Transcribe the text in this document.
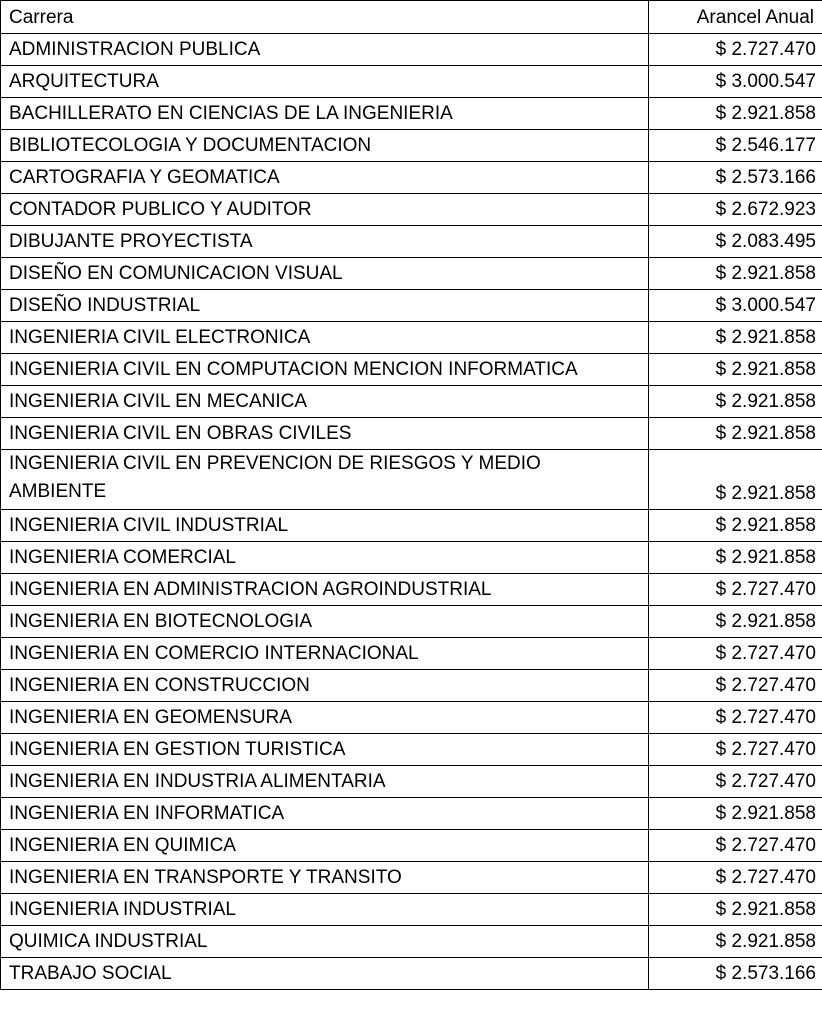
Carrera	Arancel Anual
ADMINISTRACION PUBLICA	$ 2.727.470
ARQUITECTURA	$ 3.000.547
BACHILLERATO EN CIENCIAS DE LA INGENIERIA	$ 2.921.858
BIBLIOTECOLOGIA Y DOCUMENTACION	$ 2.546.177
CARTOGRAFIA Y GEOMATICA	$ 2.573.166
CONTADOR PUBLICO Y AUDITOR	$ 2.672.923
DIBUJANTE PROYECTISTA	$ 2.083.495
DISEÑO EN COMUNICACION VISUAL	$ 2.921.858
DISEÑO INDUSTRIAL	$ 3.000.547
INGENIERIA CIVIL ELECTRONICA	$ 2.921.858
INGENIERIA CIVIL EN COMPUTACION MENCION INFORMATICA	$ 2.921.858
INGENIERIA CIVIL EN MECANICA	$ 2.921.858
INGENIERIA CIVIL EN OBRAS CIVILES	$ 2.921.858
INGENIERIA CIVIL EN PREVENCION DE RIESGOS Y MEDIO AMBIENTE	$ 2.921.858
INGENIERIA CIVIL INDUSTRIAL	$ 2.921.858
INGENIERIA COMERCIAL	$ 2.921.858
INGENIERIA EN ADMINISTRACION AGROINDUSTRIAL	$ 2.727.470
INGENIERIA EN BIOTECNOLOGIA	$ 2.921.858
INGENIERIA EN COMERCIO INTERNACIONAL	$ 2.727.470
INGENIERIA EN CONSTRUCCION	$ 2.727.470
INGENIERIA EN GEOMENSURA	$ 2.727.470
INGENIERIA EN GESTION TURISTICA	$ 2.727.470
INGENIERIA EN INDUSTRIA ALIMENTARIA	$ 2.727.470
INGENIERIA EN INFORMATICA	$ 2.921.858
INGENIERIA EN QUIMICA	$ 2.727.470
INGENIERIA EN TRANSPORTE Y TRANSITO	$ 2.727.470
INGENIERIA INDUSTRIAL	$ 2.921.858
QUIMICA INDUSTRIAL	$ 2.921.858
TRABAJO SOCIAL	$ 2.573.166
